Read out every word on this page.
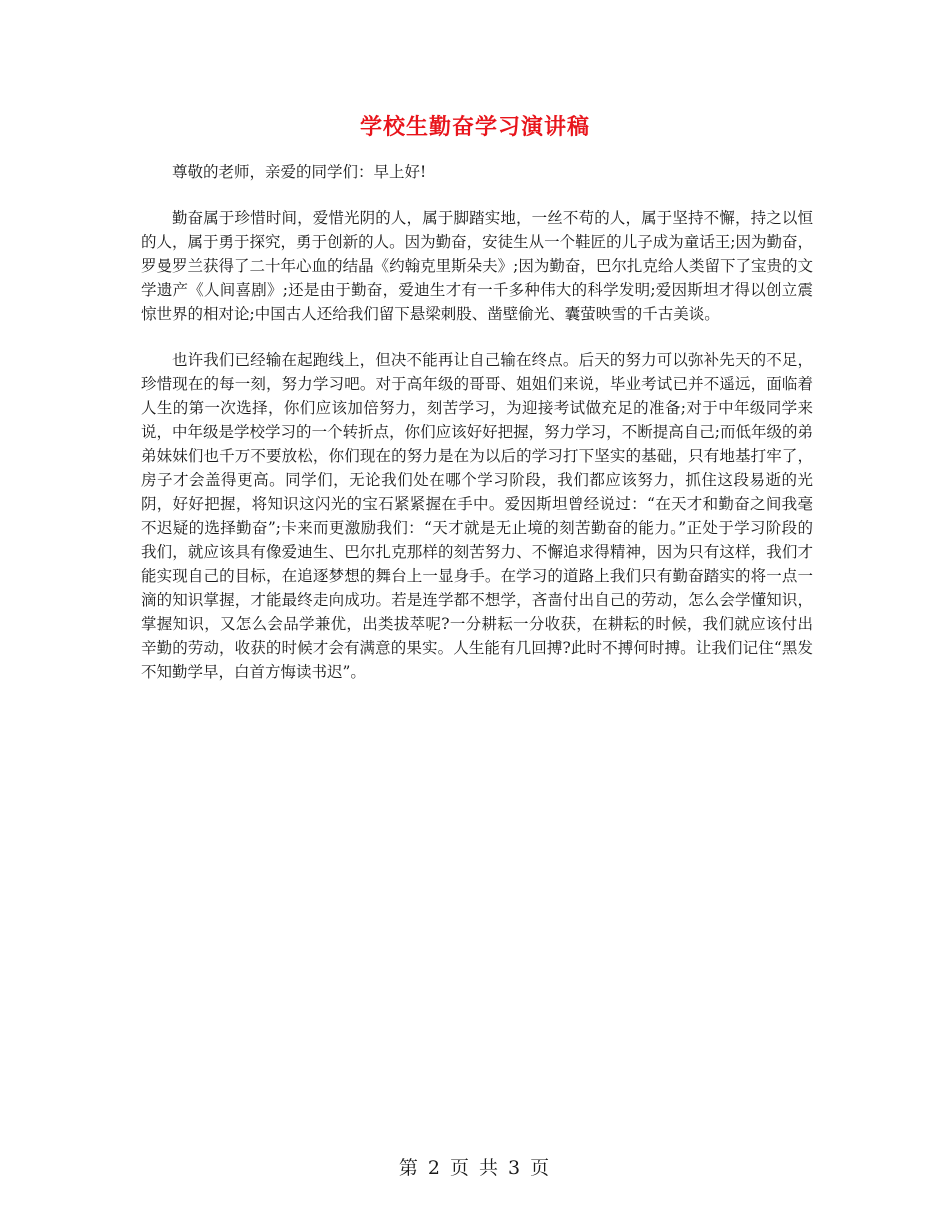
学校生勤奋学习演讲稿

尊敬的老师，亲爱的同学们：早上好!

勤奋属于珍惜时间，爱惜光阴的人，属于脚踏实地，一丝不苟的人，属于坚持不懈，持之以恒的人，属于勇于探究，勇于创新的人。因为勤奋，安徒生从一个鞋匠的儿子成为童话王;因为勤奋，罗曼罗兰获得了二十年心血的结晶《约翰克里斯朵夫》;因为勤奋，巴尔扎克给人类留下了宝贵的文学遗产《人间喜剧》;还是由于勤奋，爱迪生才有一千多种伟大的科学发明;爱因斯坦才得以创立震惊世界的相对论;中国古人还给我们留下悬梁刺股、凿壁偷光、囊萤映雪的千古美谈。

也许我们已经输在起跑线上，但决不能再让自己输在终点。后天的努力可以弥补先天的不足，珍惜现在的每一刻，努力学习吧。对于高年级的哥哥、姐姐们来说，毕业考试已并不遥远，面临着人生的第一次选择，你们应该加倍努力，刻苦学习，为迎接考试做充足的准备;对于中年级同学来说，中年级是学校学习的一个转折点，你们应该好好把握，努力学习，不断提高自己;而低年级的弟弟妹妹们也千万不要放松，你们现在的努力是在为以后的学习打下坚实的基础，只有地基打牢了，房子才会盖得更高。同学们，无论我们处在哪个学习阶段，我们都应该努力，抓住这段易逝的光阴，好好把握，将知识这闪光的宝石紧紧握在手中。爱因斯坦曾经说过：“在天才和勤奋之间我毫不迟疑的选择勤奋”;卡来而更激励我们：“天才就是无止境的刻苦勤奋的能力。”正处于学习阶段的我们，就应该具有像爱迪生、巴尔扎克那样的刻苦努力、不懈追求得精神，因为只有这样，我们才能实现自己的目标，在追逐梦想的舞台上一显身手。在学习的道路上我们只有勤奋踏实的将一点一滴的知识掌握，才能最终走向成功。若是连学都不想学，吝啬付出自己的劳动，怎么会学懂知识，掌握知识，又怎么会品学兼优，出类拔萃呢?一分耕耘一分收获，在耕耘的时候，我们就应该付出辛勤的劳动，收获的时候才会有满意的果实。人生能有几回搏?此时不搏何时搏。让我们记住“黑发不知勤学早，白首方悔读书迟”。

第 2 页 共 3 页
